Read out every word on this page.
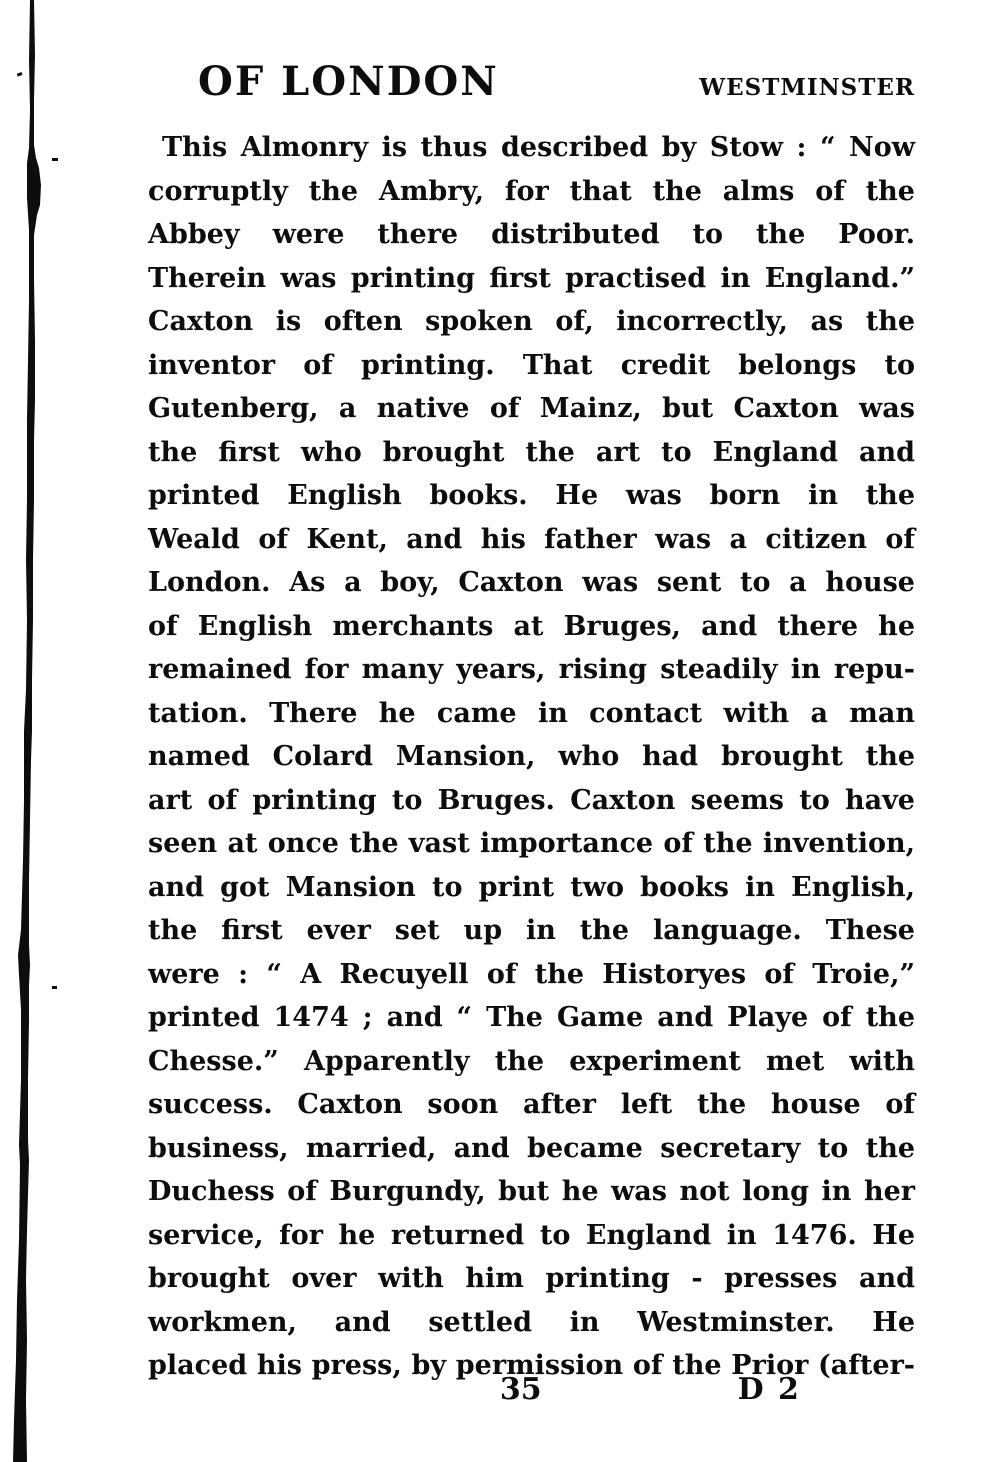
OF LONDON	WESTMINSTER
This Almonry is thus described by Stow : “ Now
corruptly the Ambry, for that the alms of the
Abbey were there distributed to the Poor.
Therein was printing first practised in England.”
Caxton is often spoken of, incorrectly, as the
inventor of printing. That credit belongs to
Gutenberg, a native of Mainz, but Caxton was
the first who brought the art to England and
printed English books. He was born in the
Weald of Kent, and his father was a citizen of
London. As a boy, Caxton was sent to a house
of English merchants at Bruges, and there he
remained for many years, rising steadily in repu-
tation. There he came in contact with a man
named Colard Mansion, who had brought the
art of printing to Bruges. Caxton seems to have
seen at once the vast importance of the invention,
and got Mansion to print two books in English,
the first ever set up in the language. These
were : “ A Recuyell of the Historyes of Troie,”
printed 1474 ; and “ The Game and Playe of the
Chesse.” Apparently the experiment met with
success. Caxton soon after left the house of
business, married, and became secretary to the
Duchess of Burgundy, but he was not long in her
service, for he returned to England in 1476. He
brought over with him printing - presses and
workmen, and settled in Westminster. He
placed his press, by permission of the Prior (after-
35	D 2
